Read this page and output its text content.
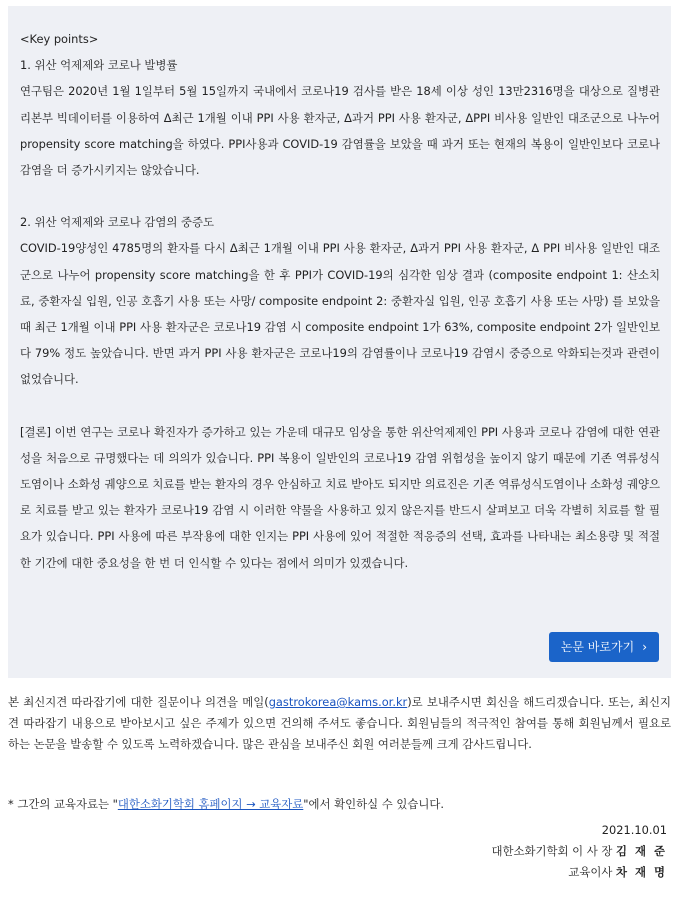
<Key points>
1. 위산 억제제와 코로나 발병률
연구팀은 2020년 1월 1일부터 5월 15일까지 국내에서 코로나19 검사를 받은 18세 이상 성인 13만2316명을 대상으로 질병관리본부 빅데이터를 이용하여 Δ최근 1개월 이내 PPI 사용 환자군, Δ과거 PPI 사용 환자군, ΔPPI 비사용 일반인 대조군으로 나누어 propensity score matching을 하였다. PPI사용과 COVID-19 감염률을 보았을 때 과거 또는 현재의 복용이 일반인보다 코로나 감염을 더 증가시키지는 않았습니다.
2. 위산 억제제와 코로나 감염의 중증도
COVID-19양성인 4785명의 환자를 다시 Δ최근 1개월 이내 PPI 사용 환자군, Δ과거 PPI 사용 환자군, Δ PPI 비사용 일반인 대조군으로 나누어 propensity score matching을 한 후 PPI가 COVID-19의 심각한 임상 결과 (composite endpoint 1: 산소치료, 중환자실 입원, 인공 호흡기 사용 또는 사망/ composite endpoint 2: 중환자실 입원, 인공 호흡기 사용 또는 사망) 를 보았을 때 최근 1개월 이내 PPI 사용 환자군은 코로나19 감염 시 composite endpoint 1가 63%, composite endpoint 2가 일반인보다 79% 정도 높았습니다. 반면 과거 PPI 사용 환자군은 코로나19의 감염률이나 코로나19 감염시 중증으로 악화되는것과 관련이 없었습니다.
[결론] 이번 연구는 코로나 확진자가 증가하고 있는 가운데 대규모 임상을 통한 위산억제제인 PPI 사용과 코로나 감염에 대한 연관성을 처음으로 규명했다는 데 의의가 있습니다. PPI 복용이 일반인의 코로나19 감염 위험성을 높이지 않기 때문에 기존 역류성식도염이나 소화성 궤양으로 치료를 받는 환자의 경우 안심하고 치료 받아도 되지만 의료진은 기존 역류성식도염이나 소화성 궤양으로 치료를 받고 있는 환자가 코로나19 감염 시 이러한 약물을 사용하고 있지 않은지를 반드시 살펴보고 더욱 각별히 치료를 할 필요가 있습니다. PPI 사용에 따른 부작용에 대한 인지는 PPI 사용에 있어 적절한 적응증의 선택, 효과를 나타내는 최소용량 및 적절한 기간에 대한 중요성을 한 번 더 인식할 수 있다는 점에서 의미가 있겠습니다.
논문 바로가기 ›
본 최신지견 따라잡기에 대한 질문이나 의견을 메일(gastrokorea@kams.or.kr)로 보내주시면 회신을 해드리겠습니다. 또는, 최신지견 따라잡기 내용으로 받아보시고 싶은 주제가 있으면 건의해 주셔도 좋습니다. 회원님들의 적극적인 참여를 통해 회원님께서 필요로 하는 논문을 발송할 수 있도록 노력하겠습니다. 많은 관심을 보내주신 회원 여러분들께 크게 감사드립니다.
* 그간의 교육자료는 "대한소화기학회 홈페이지 → 교육자료"에서 확인하실 수 있습니다.
2021.10.01
대한소화기학회 이 사 장 김 재 준
교육이사 차 재 명
